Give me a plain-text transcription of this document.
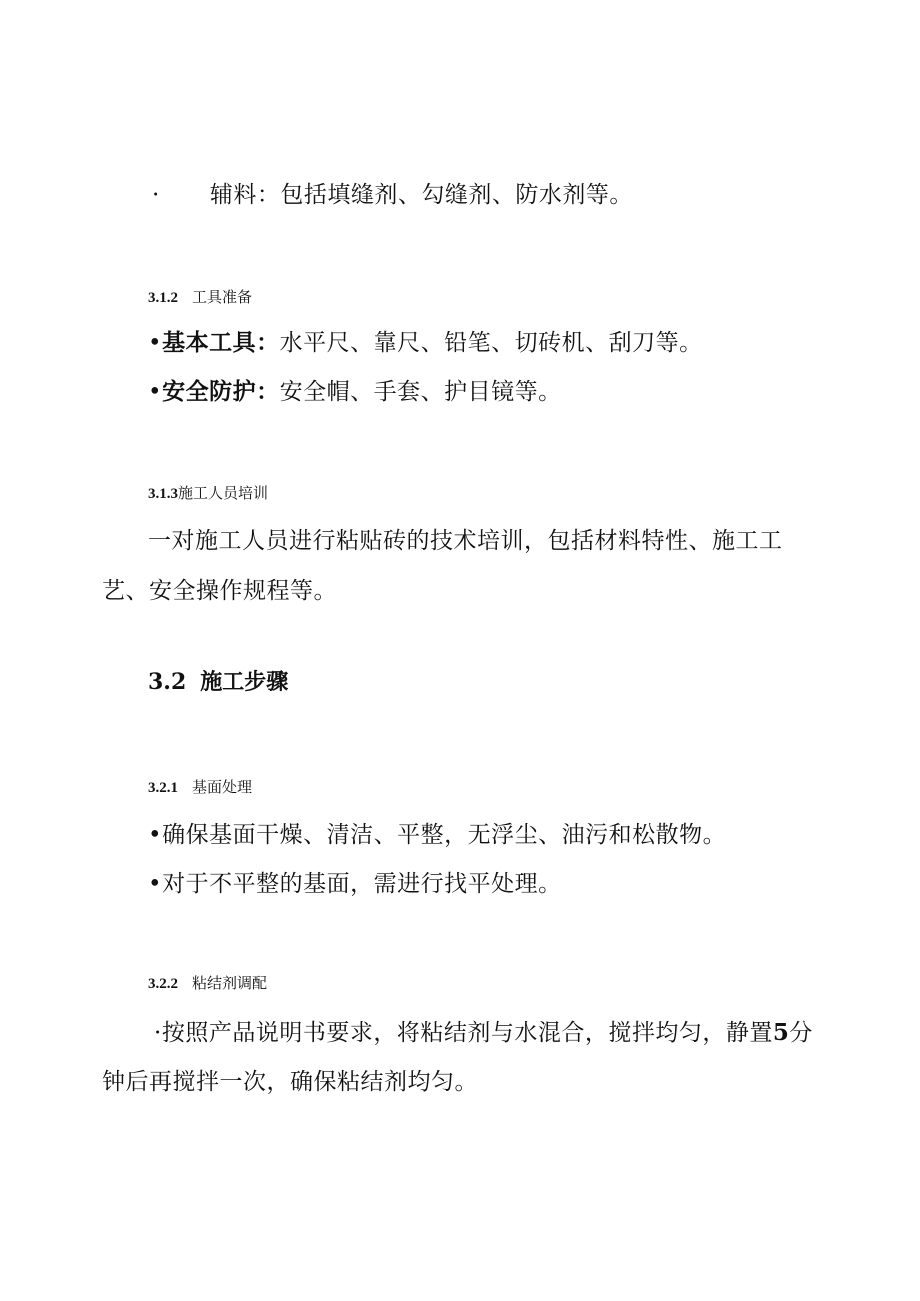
· 辅料：包括填缝剂、勾缝剂、防水剂等。
3.1.2 工具准备
•基本工具：水平尺、靠尺、铅笔、切砖机、刮刀等。
•安全防护：安全帽、手套、护目镜等。
3.1.3施工人员培训
一对施工人员进行粘贴砖的技术培训，包括材料特性、施工工
艺、安全操作规程等。
3.2 施工步骤
3.2.1 基面处理
•确保基面干燥、清洁、平整，无浮尘、油污和松散物。
•对于不平整的基面，需进行找平处理。
3.2.2 粘结剂调配
·按照产品说明书要求，将粘结剂与水混合，搅拌均匀，静置5分
钟后再搅拌一次，确保粘结剂均匀。
